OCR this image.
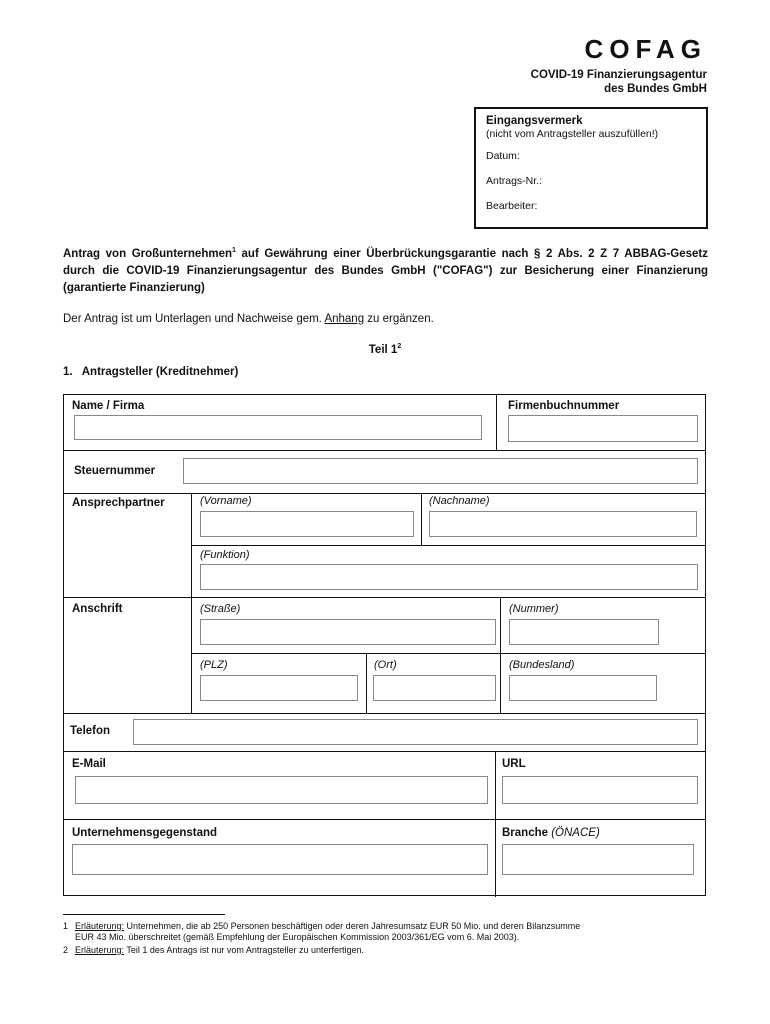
COFAG
COVID-19 Finanzierungsagentur
des Bundes GmbH
Eingangsvermerk
(nicht vom Antragsteller auszufüllen!)
Datum:
Antrags-Nr.:
Bearbeiter:
Antrag von Großunternehmen$^1$ auf Gewährung einer Überbrückungsgarantie nach § 2 Abs. 2 Z 7 ABBAG-Gesetz durch die COVID-19 Finanzierungsagentur des Bundes GmbH ("COFAG") zur Besicherung einer Finanzierung (garantierte Finanzierung)
Der Antrag ist um Unterlagen und Nachweise gem. Anhang zu ergänzen.
Teil $1^2$
1.   Antragsteller (Kreditnehmer)
Name / Firma	Firmenbuchnummer
Steuernummer
Ansprechpartner	(Vorname)	(Nachname)
(Funktion)
Anschrift	(Straße)	(Nummer)
(PLZ)	(Ort)	(Bundesland)
Telefon
E-Mail	URL
Unternehmensgegenstand	Branche (ÖNACE)
1 Erläuterung: Unternehmen, die ab 250 Personen beschäftigen oder deren Jahresumsatz EUR 50 Mio. und deren Bilanzsumme
EUR 43 Mio. überschreitet (gemäß Empfehlung der Europäischen Kommission 2003/361/EG vom 6. Mai 2003).
2 Erläuterung: Teil 1 des Antrags ist nur vom Antragsteller zu unterfertigen.
